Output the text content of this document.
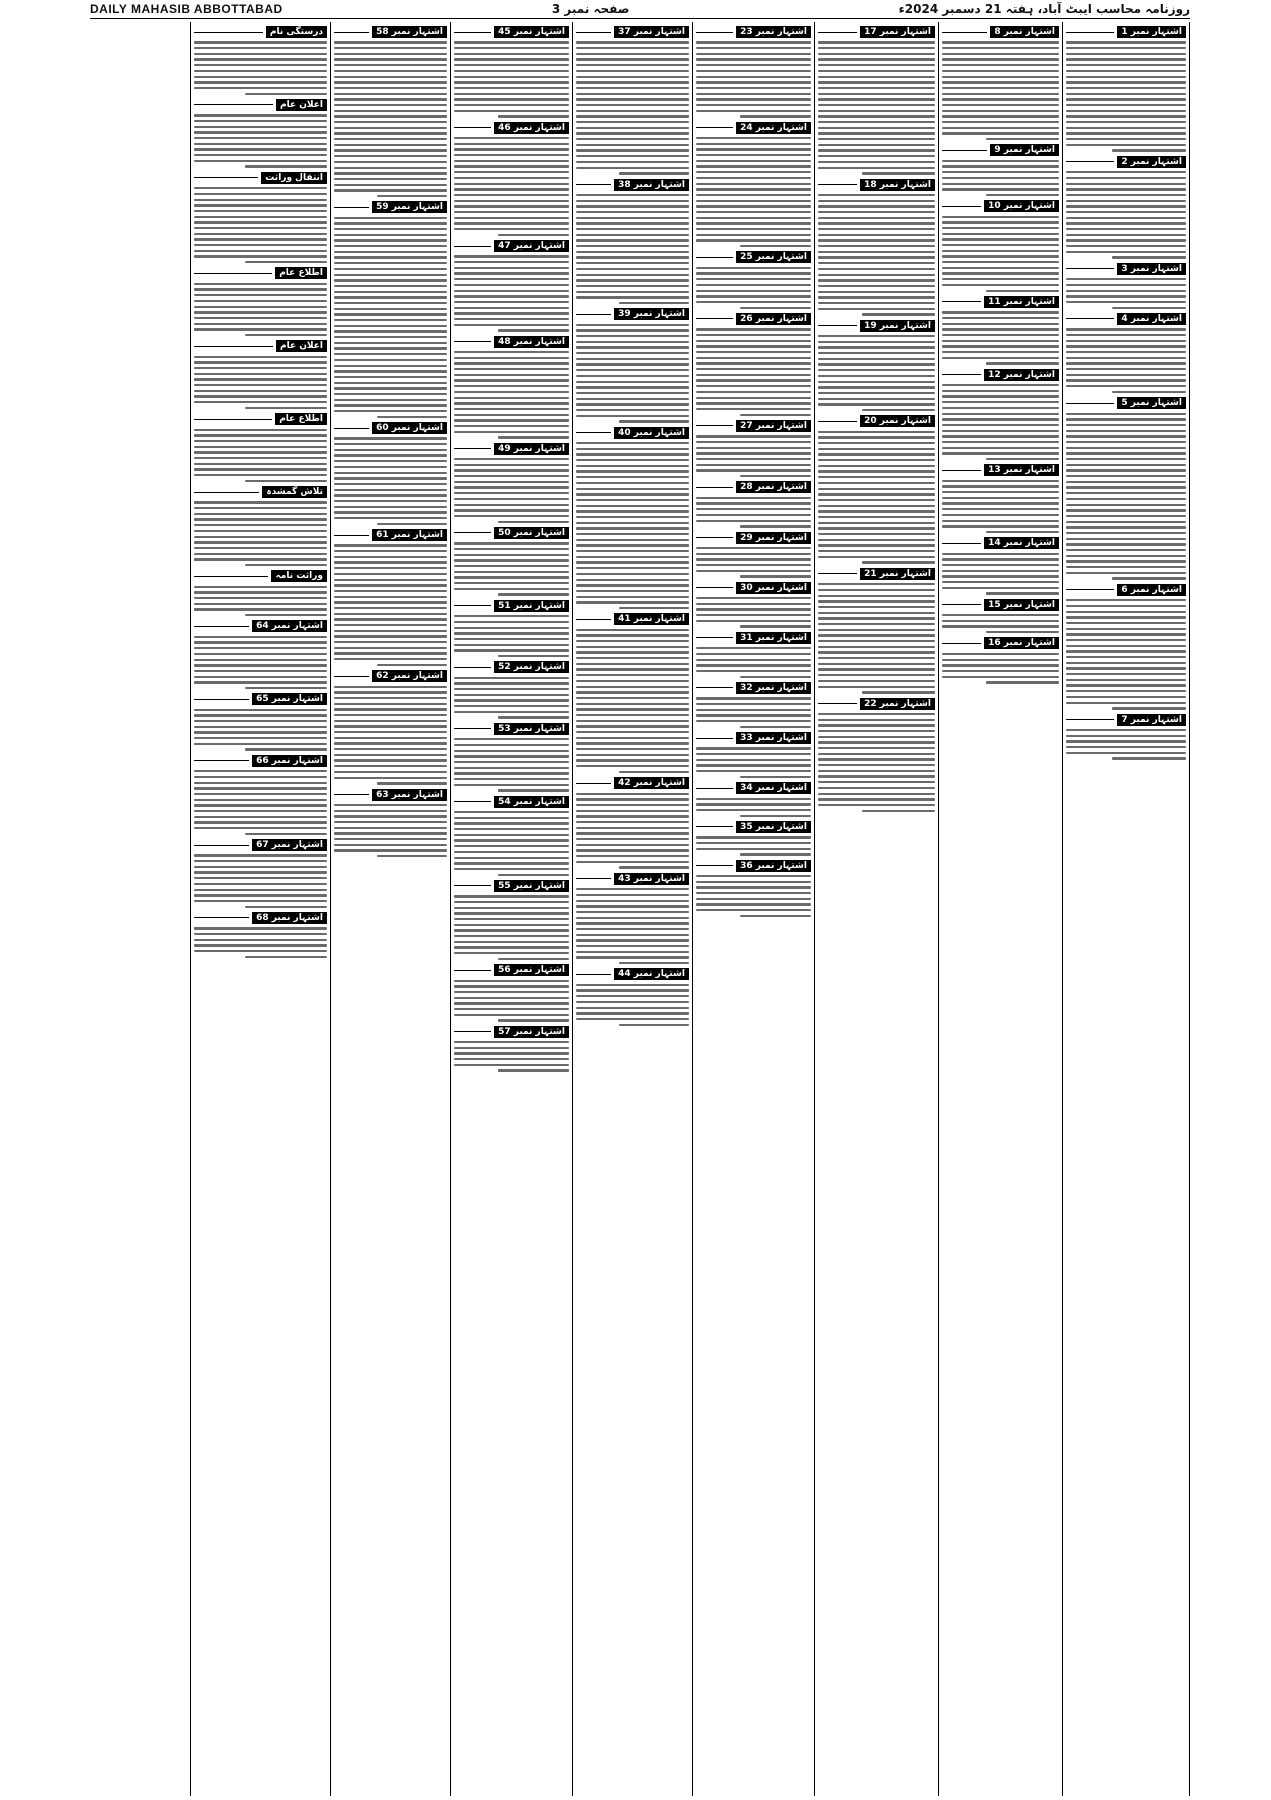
DAILY MAHASIB ABBOTTABAD	صفحہ نمبر 3	روزنامہ محاسب ایبٹ آباد، ہفتہ 21 دسمبر 2024ء
اشتہار نمبر 1
اشتہار نمبر 2
اشتہار نمبر 3
اشتہار نمبر 4
اشتہار نمبر 5
اشتہار نمبر 6
اشتہار نمبر 7
اشتہار نمبر 8
اشتہار نمبر 9
اشتہار نمبر 10
اشتہار نمبر 11
اشتہار نمبر 12
اشتہار نمبر 13
اشتہار نمبر 14
اشتہار نمبر 15
اشتہار نمبر 16
اشتہار نمبر 17
اشتہار نمبر 18
اشتہار نمبر 19
اشتہار نمبر 20
اشتہار نمبر 21
اشتہار نمبر 22
اشتہار نمبر 23
اشتہار نمبر 24
اشتہار نمبر 25
اشتہار نمبر 26
اشتہار نمبر 27
اشتہار نمبر 28
اشتہار نمبر 29
اشتہار نمبر 30
اشتہار نمبر 31
اشتہار نمبر 32
اشتہار نمبر 33
اشتہار نمبر 34
اشتہار نمبر 35
اشتہار نمبر 36
اشتہار نمبر 37
اشتہار نمبر 38
اشتہار نمبر 39
اشتہار نمبر 40
اشتہار نمبر 41
اشتہار نمبر 42
اشتہار نمبر 43
اشتہار نمبر 44
اشتہار نمبر 45
اشتہار نمبر 46
اشتہار نمبر 47
اشتہار نمبر 48
اشتہار نمبر 49
اشتہار نمبر 50
اشتہار نمبر 51
اشتہار نمبر 52
اشتہار نمبر 53
اشتہار نمبر 54
اشتہار نمبر 55
اشتہار نمبر 56
اشتہار نمبر 57
اشتہار نمبر 58
اشتہار نمبر 59
اشتہار نمبر 60
اشتہار نمبر 61
اشتہار نمبر 62
اشتہار نمبر 63
درستگی نام
اعلان عام
انتقال وراثت
اطلاع عام
اعلان عام
اطلاع عام
تلاش گمشدہ
وراثت نامہ
اشتہار نمبر 64
اشتہار نمبر 65
اشتہار نمبر 66
اشتہار نمبر 67
اشتہار نمبر 68
